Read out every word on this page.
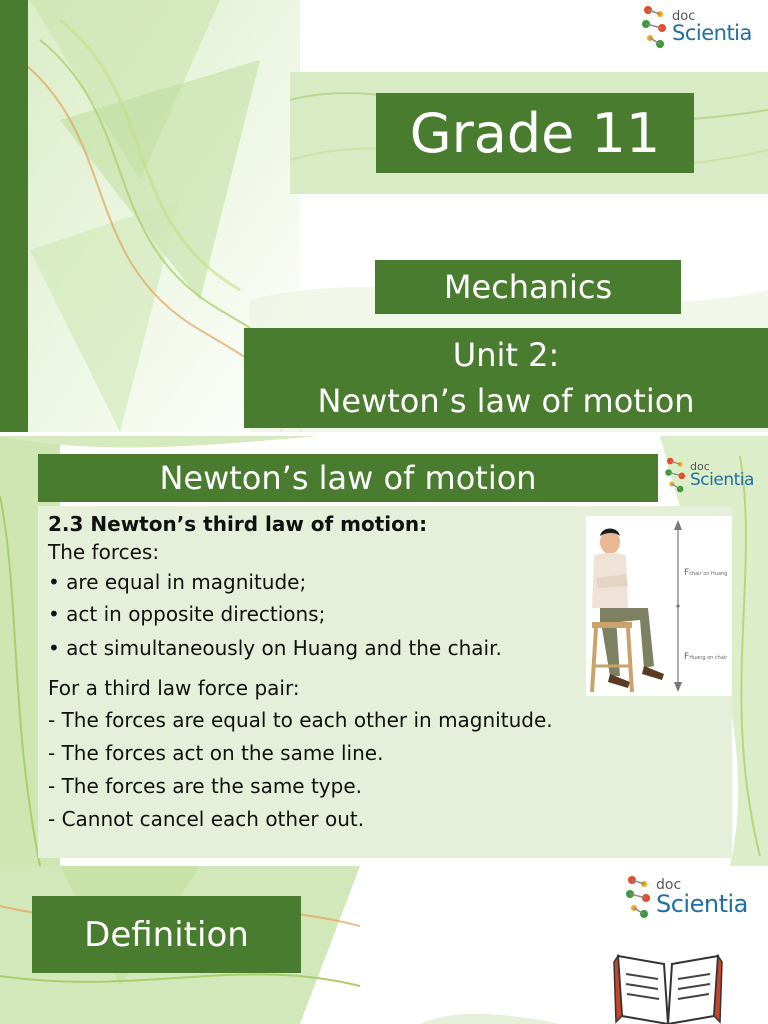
doc
Scientia
Grade 11
Mechanics
Unit 2:
Newton’s law of motion
Newton’s law of motion	doc
Scientia
2.3 Newton’s third law of motion:
The forces:
• are equal in magnitude;
• act in opposite directions;
• act simultaneously on Huang and the chair.
For a third law force pair:
- The forces are equal to each other in magnitude.
- The forces act on the same line.
- The forces are the same type.
- Cannot cancel each other out.
Fchair on Huang
FHuang on chair
Definition
doc
Scientia
